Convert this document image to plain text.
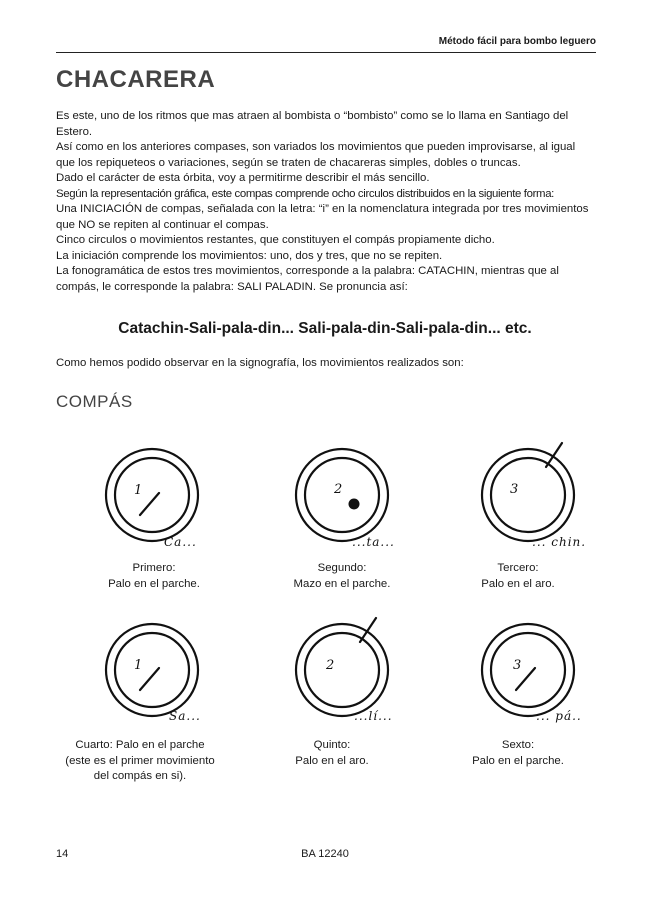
Método fácil para bombo leguero
CHACARERA

Es este, uno de los ritmos que mas atraen al bombista o “bombisto” como se lo llama en Santiago del Estero.

Así como en los anteriores compases, son variados los movimientos que pueden improvisarse, al igual que los repiqueteos o variaciones, según se traten de chacareras simples, dobles o truncas.

Dado el carácter de esta órbita, voy a permitirme describir el más sencillo.

Según la representación gráfica, este compas comprende ocho circulos distribuidos en la siguiente forma:

Una INICIACIÓN de compas, señalada con la letra: “i” en la nomenclatura integrada por tres movimientos que NO se repiten al continuar el compas.

Cinco circulos o movimientos restantes, que constituyen el compás propiamente dicho.

La iniciación comprende los movimientos: uno, dos y tres, que no se repiten.

La fonogramática de estos tres movimientos, corresponde a la palabra: CATACHIN, mientras que al compás, le corresponde la palabra: SALI PALADIN. Se pronuncia así:

Catachin-Sali-pala-din... Sali-pala-din-Sali-pala-din... etc.
Como hemos podido observar en la signografía, los movimientos realizados son:
COMPÁS
1
Ca...
Primero:
Palo en el parche.
2
...ta...
Segundo:
Mazo en el parche.
3
... chin.
Tercero:
Palo en el aro.
1
Sa...
Cuarto: Palo en el parche
(este es el primer movimiento
del compás en si).
2
...lí...
Quinto:
Palo en el aro.
3
... pá..
Sexto:
Palo en el parche.
14	BA 12240
